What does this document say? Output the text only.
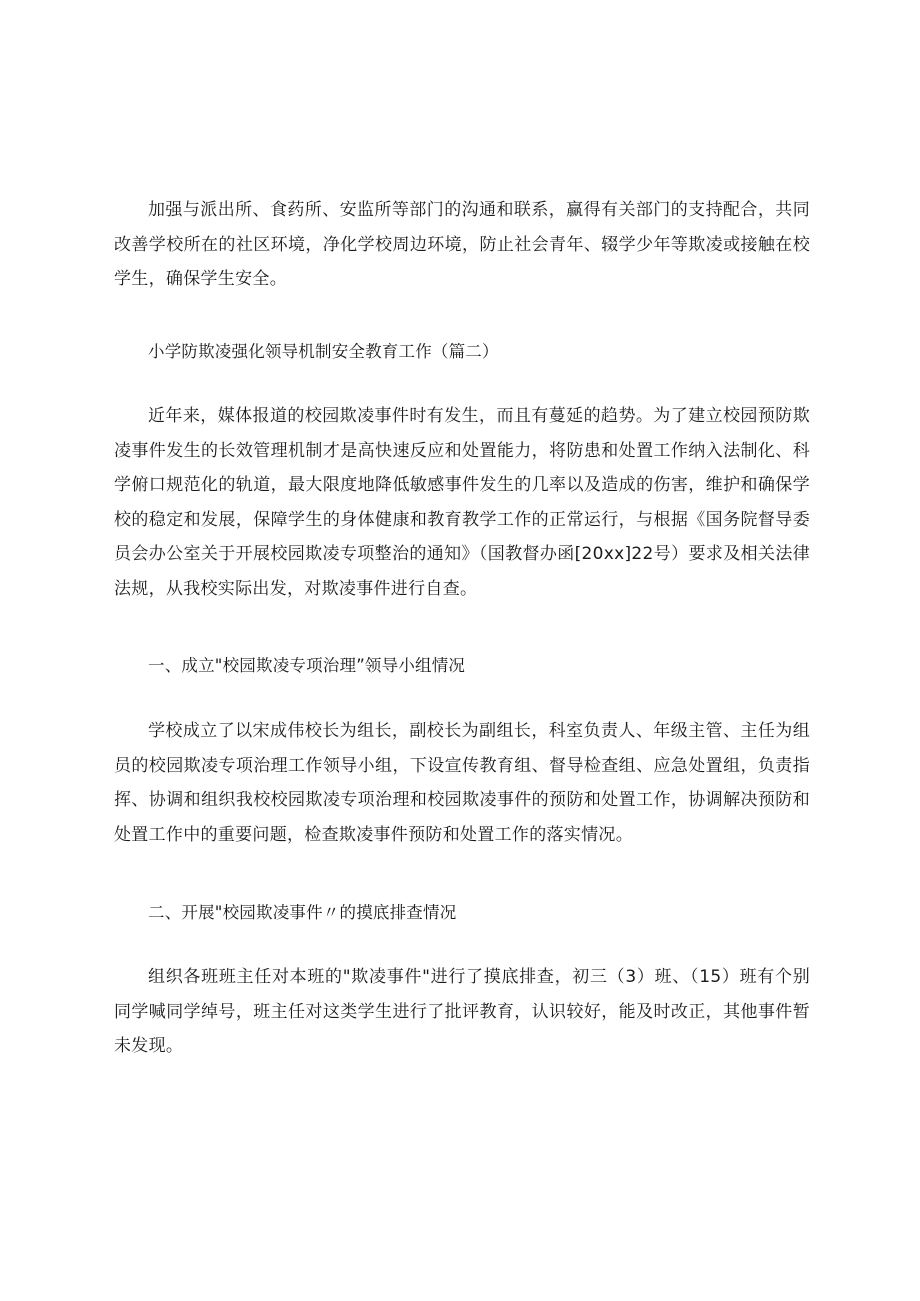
加强与派出所、食药所、安监所等部门的沟通和联系，赢得有关部门的支持配合，共同改善学校所在的社区环境，净化学校周边环境，防止社会青年、辍学少年等欺凌或接触在校学生，确保学生安全。

小学防欺凌强化领导机制安全教育工作（篇二）

近年来，媒体报道的校园欺凌事件时有发生，而且有蔓延的趋势。为了建立校园预防欺凌事件发生的长效管理机制才是高快速反应和处置能力，将防患和处置工作纳入法制化、科学俯口规范化的轨道，最大限度地降低敏感事件发生的几率以及造成的伤害，维护和确保学校的稳定和发展，保障学生的身体健康和教育教学工作的正常运行，与根据《国务院督导委员会办公室关于开展校园欺凌专项整治的通知》（国教督办函[20xx]22号）要求及相关法律法规，从我校实际出发，对欺凌事件进行自查。

一、成立"校园欺凌专项治理”领导小组情况

学校成立了以宋成伟校长为组长，副校长为副组长，科室负责人、年级主管、主任为组员的校园欺凌专项治理工作领导小组，下设宣传教育组、督导检查组、应急处置组，负责指挥、协调和组织我校校园欺凌专项治理和校园欺凌事件的预防和处置工作，协调解决预防和处置工作中的重要问题，检查欺凌事件预防和处置工作的落实情况。

二、开展"校园欺凌事件〃的摸底排查情况

组织各班班主任对本班的"欺凌事件"进行了摸底排查，初三（3）班、（15）班有个别同学喊同学绰号，班主任对这类学生进行了批评教育，认识较好，能及时改正，其他事件暂未发现。
